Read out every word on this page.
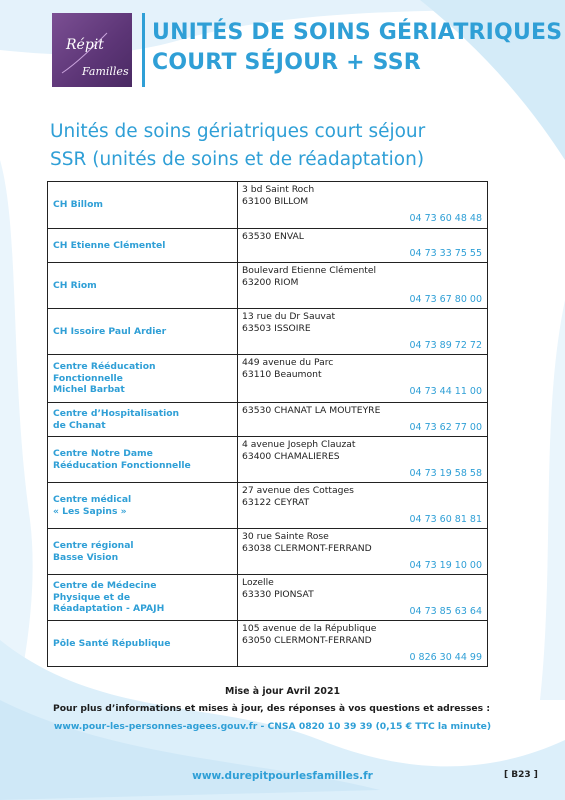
Répit
Familles
UNITÉS DE SOINS GÉRIATRIQUES
COURT SÉJOUR + SSR
Unités de soins gériatriques court séjour
SSR (unités de soins et de réadaptation)
CH Billom
3 bd Saint Roch
63100 BILLOM
04 73 60 48 48
CH Etienne Clémentel
63530 ENVAL
04 73 33 75 55
CH Riom
Boulevard Etienne Clémentel
63200 RIOM
04 73 67 80 00
CH Issoire Paul Ardier
13 rue du Dr Sauvat
63503 ISSOIRE
04 73 89 72 72
Centre Rééducation
Fonctionnelle
Michel Barbat
449 avenue du Parc
63110 Beaumont
04 73 44 11 00
Centre d’Hospitalisation
de Chanat
63530 CHANAT LA MOUTEYRE
04 73 62 77 00
Centre Notre Dame
Rééducation Fonctionnelle
4 avenue Joseph Clauzat
63400 CHAMALIERES
04 73 19 58 58
Centre médical
« Les Sapins »
27 avenue des Cottages
63122 CEYRAT
04 73 60 81 81
Centre régional
Basse Vision
30 rue Sainte Rose
63038 CLERMONT-FERRAND
04 73 19 10 00
Centre de Médecine
Physique et de
Réadaptation - APAJH
Lozelle
63330 PIONSAT
04 73 85 63 64
Pôle Santé République
105 avenue de la République
63050 CLERMONT-FERRAND
0 826 30 44 99
Mise à jour Avril 2021
Pour plus d’informations et mises à jour, des réponses à vos questions et adresses :
www.pour-les-personnes-agees.gouv.fr - CNSA 0820 10 39 39 (0,15 € TTC la minute)
www.durepitpourlesfamilles.fr	[ B23 ]
